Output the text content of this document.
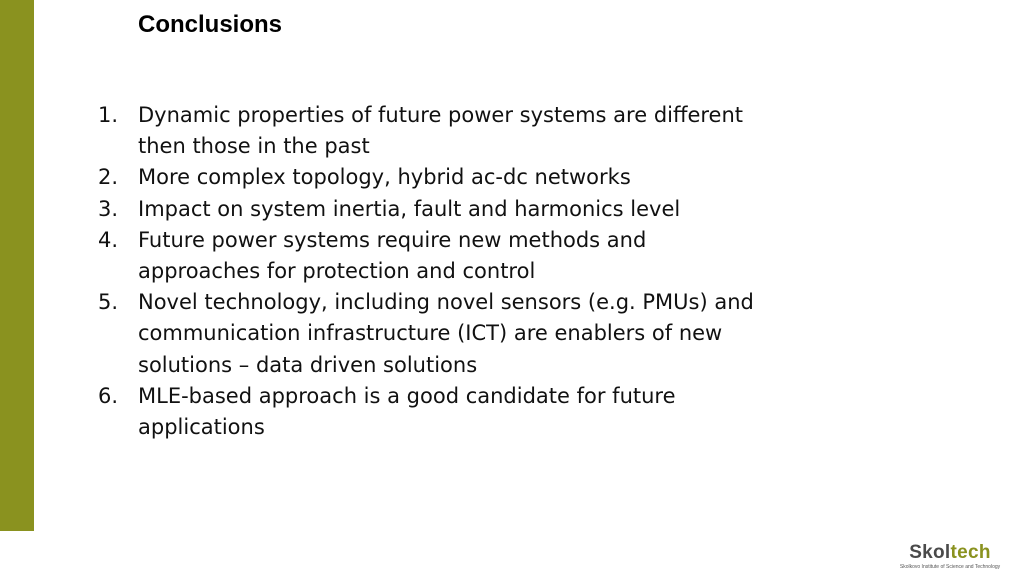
Conclusions
1. Dynamic properties of future power systems are different
then those in the past
2. More complex topology, hybrid ac-dc networks
3. Impact on system inertia, fault and harmonics level
4. Future power systems require new methods and
approaches for protection and control
5. Novel technology, including novel sensors (e.g. PMUs) and
communication infrastructure (ICT) are enablers of new
solutions – data driven solutions
6. MLE-based approach is a good candidate for future
applications
Skoltech
Skolkovo Institute of Science and Technology
